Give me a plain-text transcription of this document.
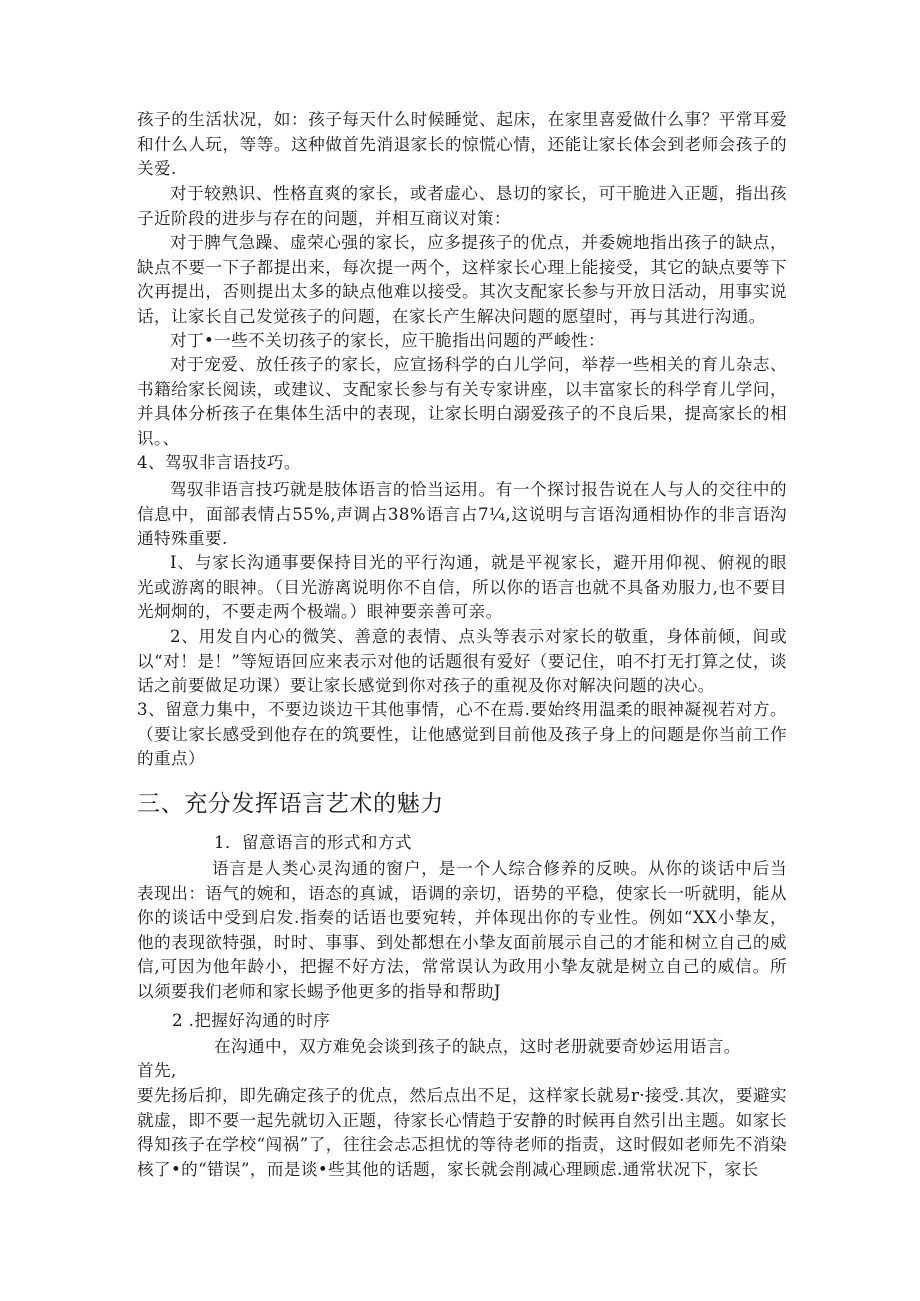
孩子的生活状况，如：孩子每天什么时候睡觉、起床，在家里喜爱做什么事？平常耳爱和什么人玩，等等。这种做首先消退家长的惊慌心情，还能让家长体会到老师会孩子的关爱.

对于较熟识、性格直爽的家长，或者虚心、恳切的家长，可干脆进入正题，指出孩子近阶段的进步与存在的问题，并相互商议对策：

对于脾气急躁、虚荣心强的家长，应多提孩子的优点，并委婉地指出孩子的缺点，缺点不要一下子都提出来，每次提一两个，这样家长心理上能接受，其它的缺点要等下次再提出，否则提出太多的缺点他难以接受。其次支配家长参与开放日活动，用事实说话，让家长自己发觉孩子的问题，在家长产生解决问题的愿望时，再与其进行沟通。

对丁•一些不关切孩子的家长，应干脆指出问题的严峻性：

对于宠爱、放任孩子的家长，应宣扬科学的白儿学问，举荐一些相关的育儿杂志、书籍给家长阅读，或建议、支配家长参与有关专家讲座，以丰富家长的科学育儿学问，并具体分析孩子在集体生活中的表现，让家长明白溺爱孩子的不良后果，提高家长的相识。、

4、驾驭非言语技巧。

驾驭非语言技巧就是肢体语言的恰当运用。有一个探讨报告说在人与人的交往中的信息中，面部表情占55%,声调占38%语言占7¼,这说明与言语沟通相协作的非言语沟通特殊重要.

I、与家长沟通事要保持目光的平行沟通，就是平视家长，避开用仰视、俯视的眼光或游离的眼神。（目光游离说明你不自信，所以你的语言也就不具备劝服力,也不要目光炯炯的，不要走两个极端。）眼神要亲善可亲。

2、用发自内心的微笑、善意的表情、点头等表示对家长的敬重，身体前倾，间或以“对！是！”等短语回应来表示对他的话题很有爱好（要记住，咱不打无打算之仗，谈话之前要做足功课）要让家长感觉到你对孩子的重视及你对解决问题的决心。

3、留意力集中，不要边谈边干其他事情，心不在焉.要始终用温柔的眼神凝视若对方。（要让家长感受到他存在的筑要性，让他感觉到目前他及孩子身上的问题是你当前工作的重点）

三、充分发挥语言艺术的魅力

1．留意语言的形式和方式

语言是人类心灵沟通的窗户，是一个人综合修养的反映。从你的谈话中后当表现出：语气的婉和，语态的真诚，语调的亲切，语势的平稳，使家长一听就明，能从你的谈话中受到启发.指奏的话语也要宛转，并体现出你的专业性。例如“XX小挚友，他的表现欲特强，时时、事事、到处都想在小挚友面前展示自己的才能和树立自己的威信,可因为他年龄小，把握不好方法，常常误认为政用小挚友就是树立自己的威信。所以须要我们老师和家长蜴予他更多的指导和帮助J

2 .把握好沟通的时序

在沟通中，双方难免会谈到孩子的缺点，这时老册就要奇妙运用语言。

首先,

要先扬后抑，即先确定孩子的优点，然后点出不足，这样家长就易r·接受.其次，要避实就虚，即不要一起先就切入正题，待家长心情趋于安静的时候再自然引出主题。如家长得知孩子在学校“闯祸”了，往往会忐忑担忧的等待老师的指责，这时假如老师先不消染核了•的“错误”，而是谈•些其他的话题，家长就会削减心理顾虑.通常状况下，家长
